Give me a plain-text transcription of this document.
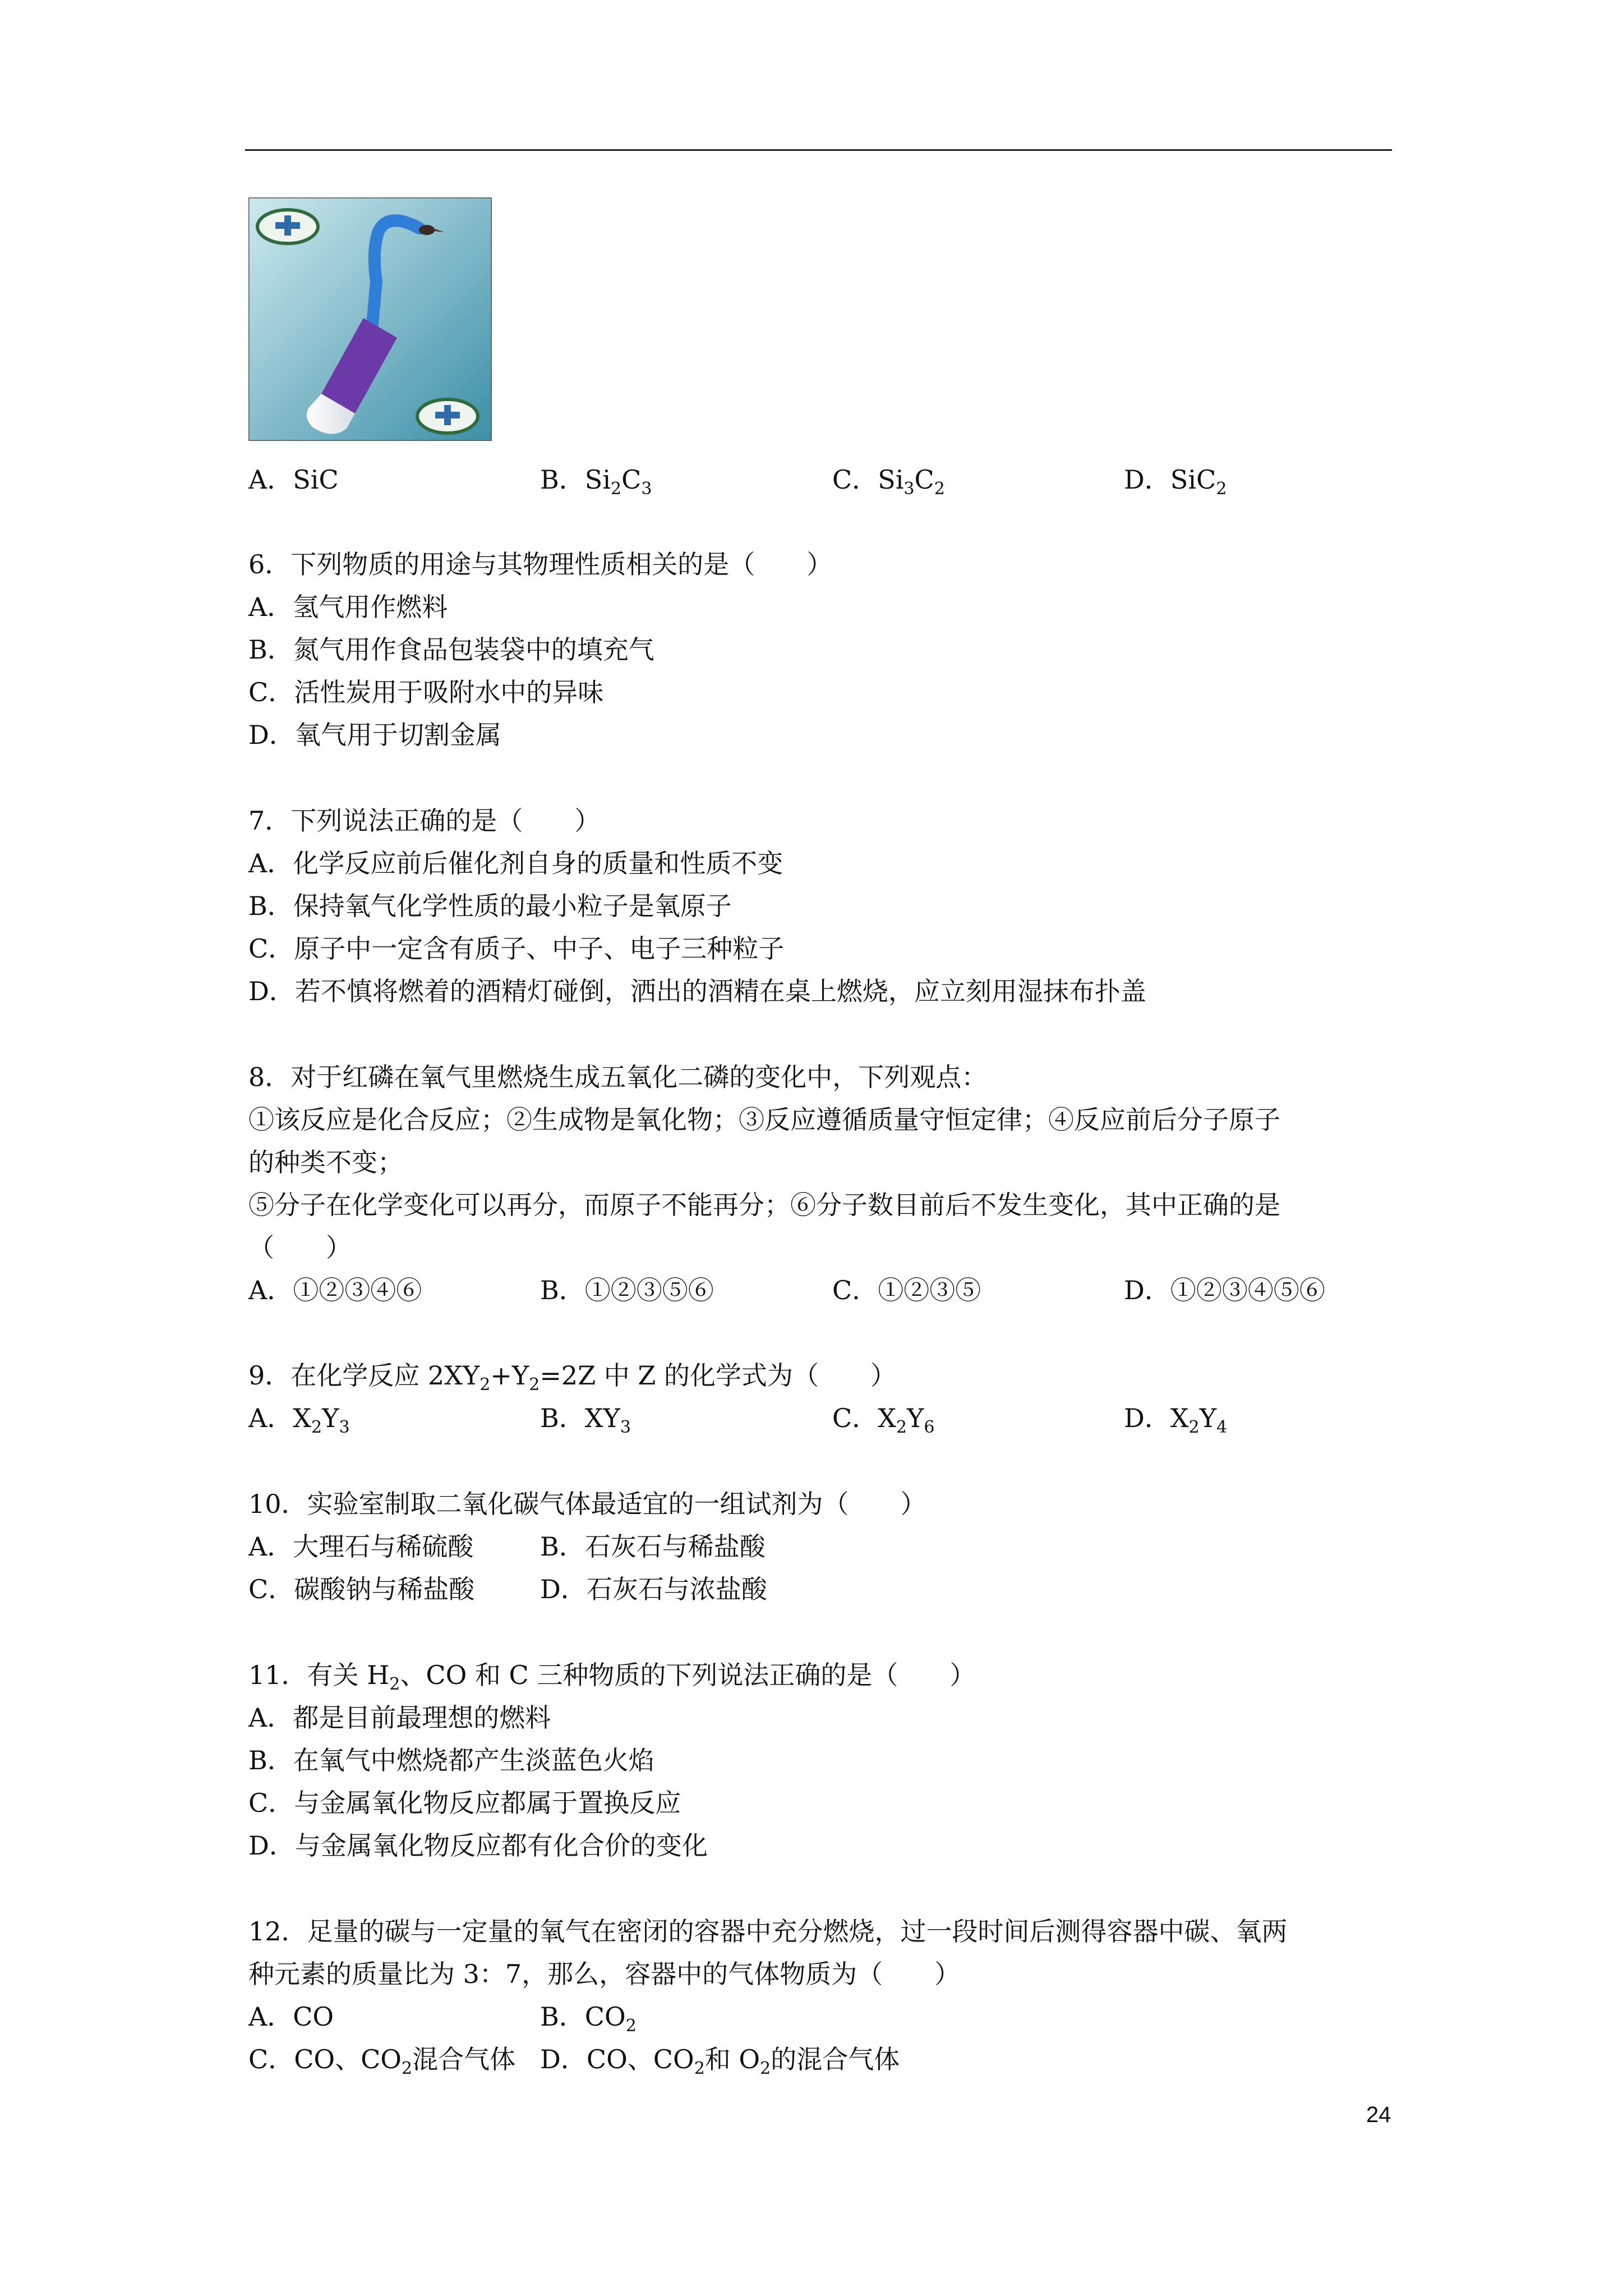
A．SiC	B．$Si_2C_3$	C．$Si_3C_2$	D．SiC$_2$
6．下列物质的用途与其物理性质相关的是（　　）
A．氢气用作燃料
B．氮气用作食品包装袋中的填充气
C．活性炭用于吸附水中的异味
D．氧气用于切割金属
7．下列说法正确的是（　　）
A．化学反应前后催化剂自身的质量和性质不变
B．保持氧气化学性质的最小粒子是氧原子
C．原子中一定含有质子、中子、电子三种粒子
D．若不慎将燃着的酒精灯碰倒，洒出的酒精在桌上燃烧，应立刻用湿抹布扑盖
8．对于红磷在氧气里燃烧生成五氧化二磷的变化中，下列观点：
①该反应是化合反应；②生成物是氧化物；③反应遵循质量守恒定律；④反应前后分子原子
的种类不变；
⑤分子在化学变化可以再分，而原子不能再分；⑥分子数目前后不发生变化，其中正确的是
（　　）
A．①②③④⑥	B．①②③⑤⑥	C．①②③⑤	D．①②③④⑤⑥
9．在化学反应 $2XY_2+Y_2=2Z$ 中 Z 的化学式为（　　）
A．$X_2Y_3$	B．$XY_3$	C．$X_2Y_6$	D．$X_2Y_4$
10．实验室制取二氧化碳气体最适宜的一组试剂为（　　）
A．大理石与稀硫酸	B．石灰石与稀盐酸
C．碳酸钠与稀盐酸	D．石灰石与浓盐酸
11．有关 $H_2$、CO 和 C 三种物质的下列说法正确的是（　　）
A．都是目前最理想的燃料
B．在氧气中燃烧都产生淡蓝色火焰
C．与金属氧化物反应都属于置换反应
D．与金属氧化物反应都有化合价的变化
12．足量的碳与一定量的氧气在密闭的容器中充分燃烧，过一段时间后测得容器中碳、氧两
种元素的质量比为 3：7，那么，容器中的气体物质为（　　）
A．CO	B．$CO_2$
C．CO、$CO_2$混合气体 D．CO、$CO_2$和 $O_2$的混合气体
24
